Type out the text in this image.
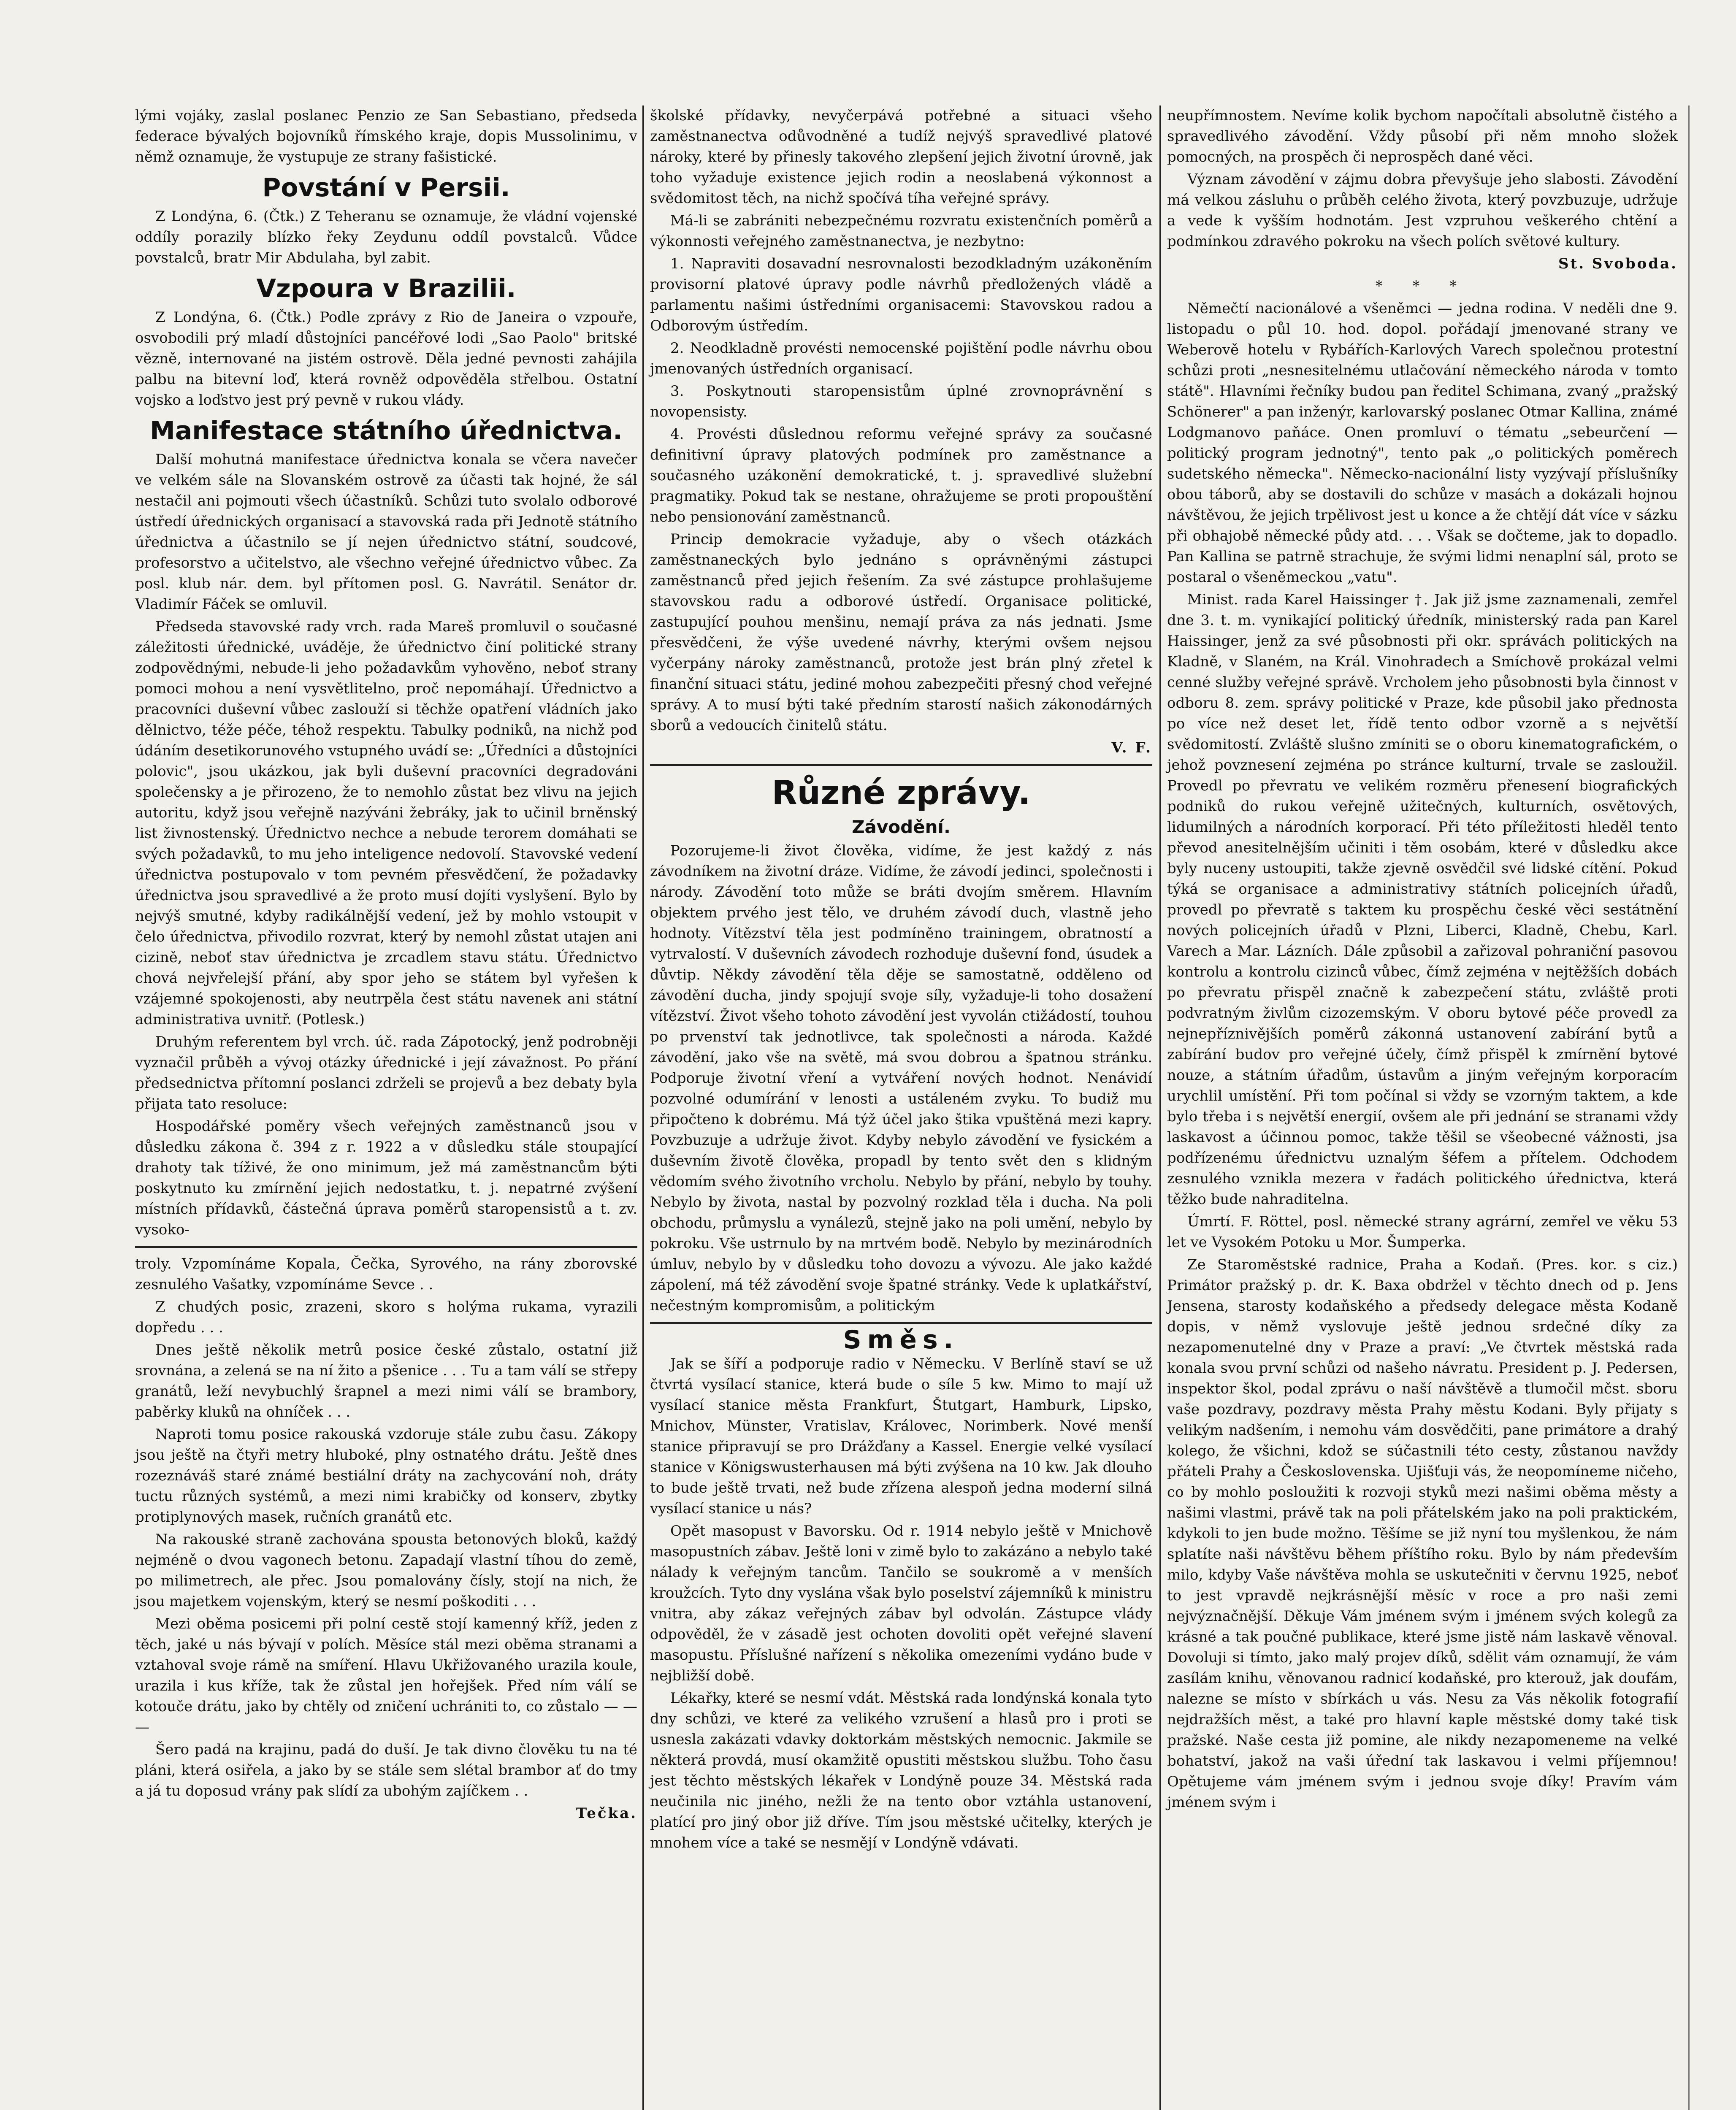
lými vojáky, zaslal poslanec Penzio ze San Sebastiano, předseda federace bývalých bojovníků římského kraje, dopis Mussolinimu, v němž oznamuje, že vystupuje ze strany fašistické.

Povstání v Persii.

Z Londýna, 6. (Čtk.) Z Teheranu se oznamuje, že vládní vojenské oddíly porazily blízko řeky Zeydunu oddíl povstalců. Vůdce povstalců, bratr Mir Abdulaha, byl zabit.

Vzpoura v Brazilii.

Z Londýna, 6. (Čtk.) Podle zprávy z Rio de Janeira o vzpouře, osvobodili prý mladí důstojníci pancéřové lodi „Sao Paolo" britské vězně, internované na jistém ostrově. Děla jedné pevnosti zahájila palbu na bitevní loď, která rovněž odpověděla střelbou. Ostatní vojsko a loďstvo jest prý pevně v rukou vlády.

Manifestace státního úřednictva.

Další mohutná manifestace úřednictva konala se včera navečer ve velkém sále na Slovanském ostrově za účasti tak hojné, že sál nestačil ani pojmouti všech účastníků. Schůzi tuto svolalo odborové ústředí úřednických organisací a stavovská rada při Jednotě státního úřednictva a účastnilo se jí nejen úřednictvo státní, soudcové, profesorstvo a učitelstvo, ale všechno veřejné úřednictvo vůbec. Za posl. klub nár. dem. byl přítomen posl. G. Navrátil. Senátor dr. Vladimír Fáček se omluvil.

Předseda stavovské rady vrch. rada Mareš promluvil o současné záležitosti úřednické, uváděje, že úřednictvo činí politické strany zodpovědnými, nebude-li jeho požadavkům vyhověno, neboť strany pomoci mohou a není vysvětlitelno, proč nepomáhají. Úřednictvo a pracovníci duševní vůbec zaslouží si těchže opatření vládních jako dělnictvo, téže péče, téhož respektu. Tabulky podniků, na nichž pod údáním desetikorunového vstupného uvádí se: „Úředníci a důstojníci polovic", jsou ukázkou, jak byli duševní pracovníci degradováni společensky a je přirozeno, že to nemohlo zůstat bez vlivu na jejich autoritu, když jsou veřejně nazýváni žebráky, jak to učinil brněnský list živnostenský. Úřednictvo nechce a nebude terorem domáhati se svých požadavků, to mu jeho inteligence nedovolí. Stavovské vedení úřednictva postupovalo v tom pevném přesvědčení, že požadavky úřednictva jsou spravedlivé a že proto musí dojíti vyslyšení. Bylo by nejvýš smutné, kdyby radikálnější vedení, jež by mohlo vstoupit v čelo úřednictva, přivodilo rozvrat, který by nemohl zůstat utajen ani cizině, neboť stav úřednictva je zrcadlem stavu státu. Úřednictvo chová nejvřelejší přání, aby spor jeho se státem byl vyřešen k vzájemné spokojenosti, aby neutrpěla čest státu navenek ani státní administrativa uvnitř. (Potlesk.)

Druhým referentem byl vrch. úč. rada Zápotocký, jenž podrobněji vyznačil průběh a vývoj otázky úřednické i její závažnost. Po přání předsednictva přítomní poslanci zdrželi se projevů a bez debaty byla přijata tato resoluce:

Hospodářské poměry všech veřejných zaměstnanců jsou v důsledku zákona č. 394 z r. 1922 a v důsledku stále stoupající drahoty tak tíživé, že ono minimum, jež má zaměstnancům býti poskytnuto ku zmírnění jejich nedostatku, t. j. nepatrné zvýšení místních přídavků, částečná úprava poměrů staropensistů a t. zv. vysoko-

troly. Vzpomínáme Kopala, Čečka, Syrového, na rány zborovské zesnulého Vašatky, vzpomínáme Sevce . .

Z chudých posic, zrazeni, skoro s holýma rukama, vyrazili dopředu . . .

Dnes ještě několik metrů posice české zůstalo, ostatní již srovnána, a zelená se na ní žito a pšenice . . . Tu a tam válí se střepy granátů, leží nevybuchlý šrapnel a mezi nimi válí se brambory, paběrky kluků na ohníček . . .

Naproti tomu posice rakouská vzdoruje stále zubu času. Zákopy jsou ještě na čtyři metry hluboké, plny ostnatého drátu. Ještě dnes rozeznáváš staré známé bestiální dráty na zachycování noh, dráty tuctu různých systémů, a mezi nimi krabičky od konserv, zbytky protiplynových masek, ručních granátů etc.

Na rakouské straně zachována spousta betonových bloků, každý nejméně o dvou vagonech betonu. Zapadají vlastní tíhou do země, po milimetrech, ale přec. Jsou pomalovány čísly, stojí na nich, že jsou majetkem vojenským, který se nesmí poškoditi . . .

Mezi oběma posicemi při polní cestě stojí kamenný kříž, jeden z těch, jaké u nás bývají v polích. Měsíce stál mezi oběma stranami a vztahoval svoje rámě na smíření. Hlavu Ukřižovaného urazila koule, urazila i kus kříže, tak že zůstal jen hořejšek. Před ním válí se kotouče drátu, jako by chtěly od zničení uchrániti to, co zůstalo — — —

Šero padá na krajinu, padá do duší. Je tak divno člověku tu na té pláni, která osiřela, a jako by se stále sem slétal brambor ať do tmy a já tu doposud vrány pak slídí za ubohým zajíčkem . .

Tečka.

školské přídavky, nevyčerpává potřebné a situaci všeho zaměstnanectva odůvodněné a tudíž nejvýš spravedlivé platové nároky, které by přinesly takového zlepšení jejich životní úrovně, jak toho vyžaduje existence jejich rodin a neoslabená výkonnost a svědomitost těch, na nichž spočívá tíha veřejné správy.

Má-li se zabrániti nebezpečnému rozvratu existenčních poměrů a výkonnosti veřejného zaměstnanectva, je nezbytno:

1. Napraviti dosavadní nesrovnalosti bezodkladným uzákoněním provisorní platové úpravy podle návrhů předložených vládě a parlamentu našimi ústředními organisacemi: Stavovskou radou a Odborovým ústředím.

2. Neodkladně provésti nemocenské pojištění podle návrhu obou jmenovaných ústředních organisací.

3. Poskytnouti staropensistům úplné zrovnoprávnění s novopensisty.

4. Provésti důslednou reformu veřejné správy za současné definitivní úpravy platových podmínek pro zaměstnance a současného uzákonění demokratické, t. j. spravedlivé služební pragmatiky. Pokud tak se nestane, ohražujeme se proti propouštění nebo pensionování zaměstnanců.

Princip demokracie vyžaduje, aby o všech otázkách zaměstnaneckých bylo jednáno s oprávněnými zástupci zaměstnanců před jejich řešením. Za své zástupce prohlašujeme stavovskou radu a odborové ústředí. Organisace politické, zastupující pouhou menšinu, nemají práva za nás jednati. Jsme přesvědčeni, že výše uvedené návrhy, kterými ovšem nejsou vyčerpány nároky zaměstnanců, protože jest brán plný zřetel k finanční situaci státu, jediné mohou zabezpečiti přesný chod veřejné správy. A to musí býti také předním starostí našich zákonodárných sborů a vedoucích činitelů státu.

V. F.
Různé zprávy.
Závodění.

Pozorujeme-li život člověka, vidíme, že jest každý z nás závodníkem na životní dráze. Vidíme, že závodí jedinci, společnosti i národy. Závodění toto může se bráti dvojím směrem. Hlavním objektem prvého jest tělo, ve druhém závodí duch, vlastně jeho hodnoty. Vítězství těla jest podmíněno trainingem, obratností a vytrvalostí. V duševních závodech rozhoduje duševní fond, úsudek a důvtip. Někdy závodění těla děje se samostatně, odděleno od závodění ducha, jindy spojují svoje síly, vyžaduje-li toho dosažení vítězství. Život všeho tohoto závodění jest vyvolán ctižádostí, touhou po prvenství tak jednotlivce, tak společnosti a národa. Každé závodění, jako vše na světě, má svou dobrou a špatnou stránku. Podporuje životní vření a vytváření nových hodnot. Nenávidí pozvolné odumírání v lenosti a ustáleném zvyku. To budiž mu připočteno k dobrému. Má týž účel jako štika vpuštěná mezi kapry. Povzbuzuje a udržuje život. Kdyby nebylo závodění ve fysickém a duševním životě člověka, propadl by tento svět den s klidným vědomím svého životního vrcholu. Nebylo by přání, nebylo by touhy. Nebylo by života, nastal by pozvolný rozklad těla i ducha. Na poli obchodu, průmyslu a vynálezů, stejně jako na poli umění, nebylo by pokroku. Vše ustrnulo by na mrtvém bodě. Nebylo by mezinárodních úmluv, nebylo by v důsledku toho dovozu a vývozu. Ale jako každé zápolení, má též závodění svoje špatné stránky. Vede k uplatkářství, nečestným kompromisům, a politickým

Směs.

Jak se šíří a podporuje radio v Německu. V Berlíně staví se už čtvrtá vysílací stanice, která bude o síle 5 kw. Mimo to mají už vysílací stanice města Frankfurt, Štutgart, Hamburk, Lipsko, Mnichov, Münster, Vratislav, Královec, Norimberk. Nové menší stanice připravují se pro Drážďany a Kassel. Energie velké vysílací stanice v Königswusterhausen má býti zvýšena na 10 kw. Jak dlouho to bude ještě trvati, než bude zřízena alespoň jedna moderní silná vysílací stanice u nás?

Opět masopust v Bavorsku. Od r. 1914 nebylo ještě v Mnichově masopustních zábav. Ještě loni v zimě bylo to zakázáno a nebylo také nálady k veřejným tancům. Tančilo se soukromě a v menších kroužcích. Tyto dny vyslána však bylo poselství zájemníků k ministru vnitra, aby zákaz veřejných zábav byl odvolán. Zástupce vlády odpověděl, že v zásadě jest ochoten dovoliti opět veřejné slavení masopustu. Příslušné nařízení s několika omezeními vydáno bude v nejbližší době.

Lékařky, které se nesmí vdát. Městská rada londýnská konala tyto dny schůzi, ve které za velikého vzrušení a hlasů pro i proti se usnesla zakázati vdavky doktorkám městských nemocnic. Jakmile se některá provdá, musí okamžitě opustiti městskou službu. Toho času jest těchto městských lékařek v Londýně pouze 34. Městská rada neučinila nic jiného, nežli že na tento obor vztáhla ustanovení, platící pro jiný obor již dříve. Tím jsou městské učitelky, kterých je mnohem více a také se nesmějí v Londýně vdávati.

neupřímnostem. Nevíme kolik bychom napočítali absolutně čistého a spravedlivého závodění. Vždy působí při něm mnoho složek pomocných, na prospěch či neprospěch dané věci.

Význam závodění v zájmu dobra převyšuje jeho slabosti. Závodění má velkou zásluhu o průběh celého života, který povzbuzuje, udržuje a vede k vyšším hodnotám. Jest vzpruhou veškerého chtění a podmínkou zdravého pokroku na všech polích světové kultury.

St. Svoboda.
* * *

Němečtí nacionálové a všeněmci — jedna rodina. V neděli dne 9. listopadu o půl 10. hod. dopol. pořádají jmenované strany ve Weberově hotelu v Rybářích-Karlových Varech společnou protestní schůzi proti „nesnesitelnému utlačování německého národa v tomto státě". Hlavními řečníky budou pan ředitel Schimana, zvaný „pražský Schönerer" a pan inženýr, karlovarský poslanec Otmar Kallina, známé Lodgmanovo paňáce. Onen promluví o tématu „sebeurčení — politický program jednotný", tento pak „o politických poměrech sudetského německa". Německo-nacionální listy vyzývají příslušníky obou táborů, aby se dostavili do schůze v masách a dokázali hojnou návštěvou, že jejich trpělivost jest u konce a že chtějí dát více v sázku při obhajobě německé půdy atd. . . . Však se dočteme, jak to dopadlo. Pan Kallina se patrně strachuje, že svými lidmi nenaplní sál, proto se postaral o všeněmeckou „vatu".

Minist. rada Karel Haissinger †. Jak již jsme zaznamenali, zemřel dne 3. t. m. vynikající politický úředník, ministerský rada pan Karel Haissinger, jenž za své působnosti při okr. správách politických na Kladně, v Slaném, na Král. Vinohradech a Smíchově prokázal velmi cenné služby veřejné správě. Vrcholem jeho působnosti byla činnost v odboru 8. zem. správy politické v Praze, kde působil jako přednosta po více než deset let, řídě tento odbor vzorně a s největší svědomitostí. Zvláště slušno zmíniti se o oboru kinematografickém, o jehož povznesení zejména po stránce kulturní, trvale se zasloužil. Provedl po převratu ve velikém rozměru přenesení biografických podniků do rukou veřejně užitečných, kulturních, osvětových, lidumilných a národních korporací. Při této příležitosti hleděl tento převod anesitelnějším učiniti i těm osobám, které v důsledku akce byly nuceny ustoupiti, takže zjevně osvědčil své lidské cítění. Pokud týká se organisace a administrativy státních policejních úřadů, provedl po převratě s taktem ku prospěchu české věci sestátnění nových policejních úřadů v Plzni, Liberci, Kladně, Chebu, Karl. Varech a Mar. Lázních. Dále způsobil a zařizoval pohraniční pasovou kontrolu a kontrolu cizinců vůbec, čímž zejména v nejtěžších dobách po převratu přispěl značně k zabezpečení státu, zvláště proti podvratným živlům cizozemským. V oboru bytové péče provedl za nejnepříznivějších poměrů zákonná ustanovení zabírání bytů a zabírání budov pro veřejné účely, čímž přispěl k zmírnění bytové nouze, a státním úřadům, ústavům a jiným veřejným korporacím urychlil umístění. Při tom počínal si vždy se vzorným taktem, a kde bylo třeba i s největší energií, ovšem ale při jednání se stranami vždy laskavost a účinnou pomoc, takže těšil se všeobecné vážnosti, jsa podřízenému úřednictvu uznalým šéfem a přítelem. Odchodem zesnulého vznikla mezera v řadách politického úřednictva, která těžko bude nahraditelna.

Úmrtí. F. Röttel, posl. německé strany agrární, zemřel ve věku 53 let ve Vysokém Potoku u Mor. Šumperka.

Ze Staroměstské radnice, Praha a Kodaň. (Pres. kor. s ciz.) Primátor pražský p. dr. K. Baxa obdržel v těchto dnech od p. Jens Jensena, starosty kodaňského a předsedy delegace města Kodaně dopis, v němž vyslovuje ještě jednou srdečné díky za nezapomenutelné dny v Praze a praví: „Ve čtvrtek městská rada konala svou první schůzi od našeho návratu. President p. J. Pedersen, inspektor škol, podal zprávu o naší návštěvě a tlumočil mčst. sboru vaše pozdravy, pozdravy města Prahy městu Kodani. Byly přijaty s velikým nadšením, i nemohu vám dosvědčiti, pane primátore a drahý kolego, že všichni, kdož se súčastnili této cesty, zůstanou navždy přáteli Prahy a Československa. Ujišťuji vás, že neopomíneme ničeho, co by mohlo posloužiti k rozvoji styků mezi našimi oběma městy a našimi vlastmi, právě tak na poli přátelském jako na poli praktickém, kdykoli to jen bude možno. Těšíme se již nyní tou myšlenkou, že nám splatíte naši návštěvu během příštího roku. Bylo by nám především milo, kdyby Vaše návštěva mohla se uskutečniti v červnu 1925, neboť to jest vpravdě nejkrásnější měsíc v roce a pro naši zemi nejvýznačnější. Děkuje Vám jménem svým i jménem svých kolegů za krásné a tak poučné publikace, které jsme jistě nám laskavě věnoval. Dovoluji si tímto, jako malý projev díků, sdělit vám oznamují, že vám zasílám knihu, věnovanou radnicí kodaňské, pro kterouž, jak doufám, nalezne se místo v sbírkách u vás. Nesu za Vás několik fotografií nejdražších měst, a také pro hlavní kaple městské domy také tisk pražské. Naše cesta již pomine, ale nikdy nezapomeneme na velké bohatství, jakož na vaši úřední tak laskavou i velmi příjemnou! Opětujeme vám jménem svým i jednou svoje díky! Pravím vám jménem svým i
